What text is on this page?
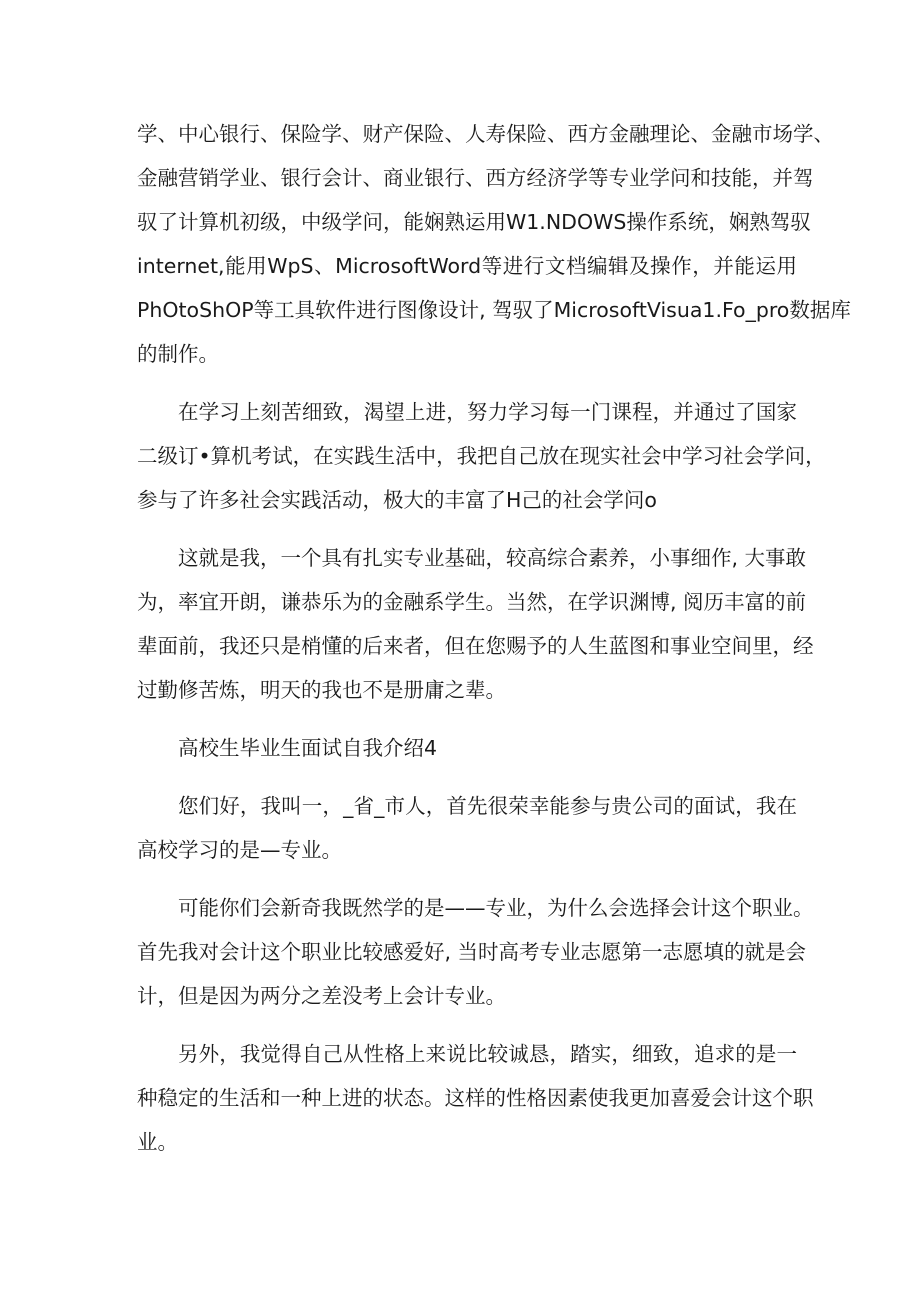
学、中心银行、保险学、财产保险、人寿保险、西方金融理论、金融市场学、
金融营销学业、银行会计、商业银行、西方经济学等专业学问和技能，并驾
驭了计算机初级，中级学问，能娴熟运用W1.NDOWS操作系统，娴熟驾驭
internet,能用WpS、MicrosoftWord等进行文档编辑及操作，并能运用
PhOtoShOP等工具软件进行图像设计, 驾驭了MicrosoftVisua1.Fo_pro数据库
的制作。
在学习上刻苦细致，渴望上进，努力学习每一门课程，并通过了国家
二级订•算机考试，在实践生活中，我把自己放在现实社会中学习社会学问，
参与了许多社会实践活动，极大的丰富了H己的社会学问o
这就是我，一个具有扎实专业基础，较高综合素养，小事细作, 大事敢
为，率宜开朗，谦恭乐为的金融系学生。当然，在学识渊博, 阅历丰富的前
辈面前，我还只是梢懂的后来者，但在您赐予的人生蓝图和事业空间里，经
过勤修苦炼，明天的我也不是册庸之辈。
高校生毕业生面试自我介绍4
您们好，我叫一，_省_市人，首先很荣幸能参与贵公司的面试，我在
高校学习的是—专业。
可能你们会新奇我既然学的是——专业，为什么会选择会计这个职业。
首先我对会计这个职业比较感爱好, 当时高考专业志愿第一志愿填的就是会
计，但是因为两分之差没考上会计专业。
另外，我觉得自己从性格上来说比较诚恳，踏实，细致，追求的是一
种稳定的生活和一种上进的状态。这样的性格因素使我更加喜爱会计这个职
业。
